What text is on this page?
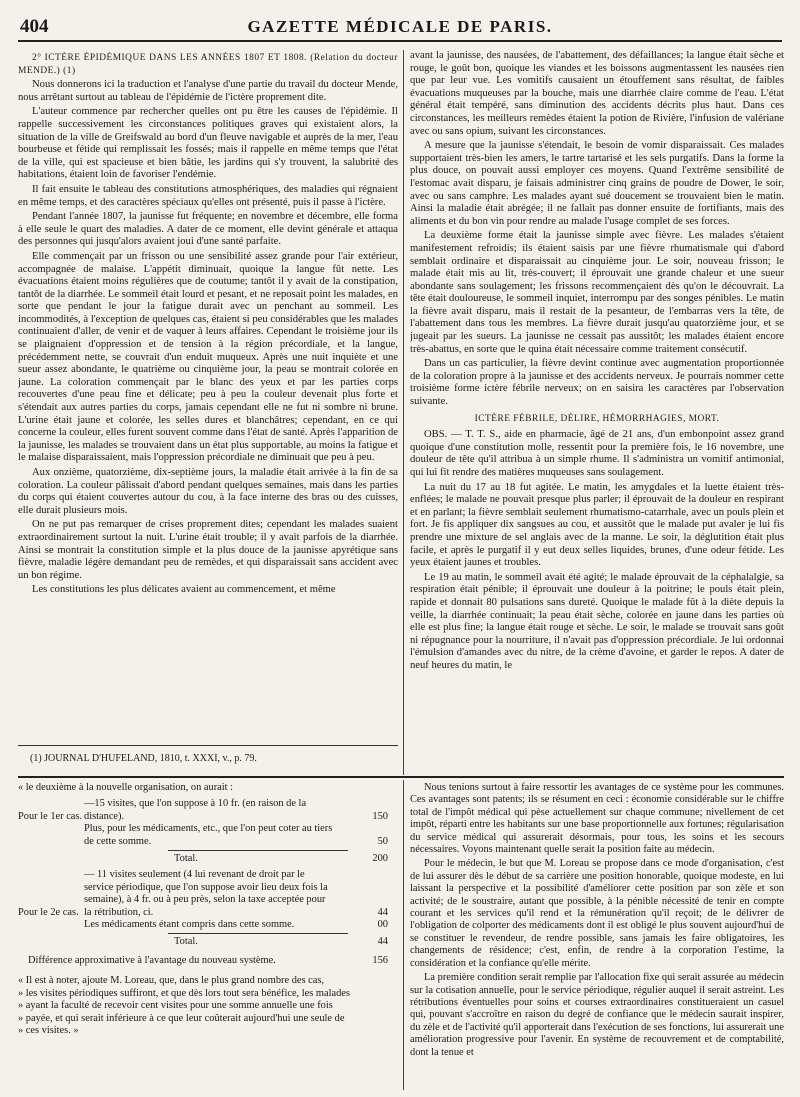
404	GAZETTE MÉDICALE DE PARIS.

2° ICTÈRE ÉPIDÉMIQUE DANS LES ANNÉES 1807 ET 1808. (Relation du docteur MENDE.) (1)

Nous donnerons ici la traduction et l'analyse d'une partie du travail du docteur Mende, nous arrêtant surtout au tableau de l'épidémie de l'ictère proprement dite.

L'auteur commence par rechercher quelles ont pu être les causes de l'épidémie. Il rappelle successivement les circonstances politiques graves qui existaient alors, la situation de la ville de Greifswald au bord d'un fleuve navigable et auprès de la mer, l'eau bourbeuse et fétide qui remplissait les fossés; mais il rappelle en même temps que l'état de la ville, qui est spacieuse et bien bâtie, les jardins qui s'y trouvent, la salubrité des habitations, étaient loin de favoriser l'endémie.

Il fait ensuite le tableau des constitutions atmosphériques, des maladies qui régnaient en même temps, et des caractères spéciaux qu'elles ont présenté, puis il passe à l'ictère.

Pendant l'année 1807, la jaunisse fut fréquente; en novembre et décembre, elle forma à elle seule le quart des maladies. A dater de ce moment, elle devint générale et attaqua des personnes qui jusqu'alors avaient joui d'une santé parfaite.

Elle commençait par un frisson ou une sensibilité assez grande pour l'air extérieur, accompagnée de malaise. L'appétit diminuait, quoique la langue fût nette. Les évacuations étaient moins régulières que de coutume; tantôt il y avait de la constipation, tantôt de la diarrhée. Le sommeil était lourd et pesant, et ne reposait point les malades, en sorte que pendant le jour la fatigue durait avec un penchant au sommeil. Les incommodités, à l'exception de quelques cas, étaient si peu considérables que les malades continuaient d'aller, de venir et de vaquer à leurs affaires. Cependant le troisième jour ils se plaignaient d'oppression et de tension à la région précordiale, et la langue, précédemment nette, se couvrait d'un enduit muqueux. Après une nuit inquiète et une sueur assez abondante, le quatrième ou cinquième jour, la peau se montrait colorée en jaune. La coloration commençait par le blanc des yeux et par les parties corps recouvertes d'une peau fine et délicate; peu à peu la couleur devenait plus forte et s'étendait aux autres parties du corps, jamais cependant elle ne fut ni sombre ni brune. L'urine était jaune et colorée, les selles dures et blanchâtres; cependant, en ce qui concerne la couleur, elles furent souvent comme dans l'état de santé. Après l'apparition de la jaunisse, les malades se trouvaient dans un état plus supportable, au moins la fatigue et le malaise disparaissaient, mais l'oppression précordiale ne diminuait que peu à peu.

Aux onzième, quatorzième, dix-septième jours, la maladie était arrivée à la fin de sa coloration. La couleur pâlissait d'abord pendant quelques semaines, mais dans les parties du corps qui étaient couvertes autour du cou, à la face interne des bras ou des cuisses, elle durait plusieurs mois.

On ne put pas remarquer de crises proprement dites; cependant les malades suaient extraordinairement surtout la nuit. L'urine était trouble; il y avait parfois de la diarrhée. Ainsi se montrait la constitution simple et la plus douce de la jaunisse apyrétique sans fièvre, maladie légère demandant peu de remèdes, et qui disparaissait sans accident avec un bon régime.

Les constitutions les plus délicates avaient au commencement, et même

(1) JOURNAL D'HUFELAND, 1810, t. XXXI, v., p. 79.

avant la jaunisse, des nausées, de l'abattement, des défaillances; la langue était sèche et rouge, le goût bon, quoique les viandes et les boissons augmentassent les nausées rien que par leur vue. Les vomitifs causaient un étouffement sans résultat, de faibles évacuations muqueuses par la bouche, mais une diarrhée claire comme de l'eau. L'état général était tempéré, sans diminution des accidents décrits plus haut. Dans ces circonstances, les meilleurs remèdes étaient la potion de Rivière, l'infusion de valériane avec ou sans opium, suivant les circonstances.

A mesure que la jaunisse s'étendait, le besoin de vomir disparaissait. Ces malades supportaient très-bien les amers, le tartre tartarisé et les sels purgatifs. Dans la forme la plus douce, on pouvait aussi employer ces moyens. Quand l'extrême sensibilité de l'estomac avait disparu, je faisais administrer cinq grains de poudre de Dower, le soir, avec ou sans camphre. Les malades ayant sué doucement se trouvaient bien le matin. Ainsi la maladie était abrégée; il ne fallait pas donner ensuite de fortifiants, mais des aliments et du bon vin pour rendre au malade l'usage complet de ses forces.

La deuxième forme était la jaunisse simple avec fièvre. Les malades s'étaient manifestement refroidis; ils étaient saisis par une fièvre rhumatismale qui d'abord semblait ordinaire et disparaissait au cinquième jour. Le soir, nouveau frisson; le malade était mis au lit, très-couvert; il éprouvait une grande chaleur et une sueur abondante sans soulagement; les frissons recommençaient dès qu'on le découvrait. La tête était douloureuse, le sommeil inquiet, interrompu par des songes pénibles. Le matin la fièvre avait disparu, mais il restait de la pesanteur, de l'embarras vers la tête, de l'abattement dans tous les membres. La fièvre durait jusqu'au quatorzième jour, et se jugeait par les sueurs. La jaunisse ne cessait pas aussitôt; les malades étaient encore très-abattus, en sorte que le quina était nécessaire comme traitement consécutif.

Dans un cas particulier, la fièvre devint continue avec augmentation proportionnée de la coloration propre à la jaunisse et des accidents nerveux. Je pourrais nommer cette troisième forme ictère fébrile nerveux; on en saisira les caractères par l'observation suivante.

ICTÈRE FÉBRILE, DÉLIRE, HÉMORRHAGIES, MORT.

OBS. — T. T. S., aide en pharmacie, âgé de 21 ans, d'un embonpoint assez grand quoique d'une constitution molle, ressentit pour la première fois, le 16 novembre, une douleur de tête qu'il attribua à un simple rhume. Il s'administra un vomitif antimonial, qui lui fit rendre des matières muqueuses sans soulagement.

La nuit du 17 au 18 fut agitée. Le matin, les amygdales et la luette étaient très-enflées; le malade ne pouvait presque plus parler; il éprouvait de la douleur en respirant et en parlant; la fièvre semblait seulement rhumatismo-catarrhale, avec un pouls plein et fort. Je fis appliquer dix sangsues au cou, et aussitôt que le malade put avaler je lui fis prendre une mixture de sel anglais avec de la manne. Le soir, la déglutition était plus facile, et après le purgatif il y eut deux selles liquides, brunes, d'une odeur fétide. Les yeux étaient jaunes et troubles.

Le 19 au matin, le sommeil avait été agité; le malade éprouvait de la céphalalgie, sa respiration était pénible; il éprouvait une douleur à la poitrine; le pouls était plein, rapide et donnait 80 pulsations sans dureté. Quoique le malade fût à la diète depuis la veille, la diarrhée continuait; la peau était sèche, colorée en jaune dans les parties où elle est plus fine; la langue était rouge et sèche. Le soir, le malade se trouvait sans goût ni répugnance pour la nourriture, il n'avait pas d'oppression précordiale. Je lui ordonnai l'émulsion d'amandes avec du nitre, de la crème d'avoine, et garder le repos. A dater de neuf heures du matin, le

« le deuxième à la nouvelle organisation, on aurait :
Pour le 1er cas.
—15 visites, que l'on suppose à 10 fr. (en raison de la distance).	150
Plus, pour les médicaments, etc., que l'on peut coter au tiers de cette somme.	50
Total.	200
Pour le 2e cas.
— 11 visites seulement (4 lui revenant de droit par le service périodique, que l'on suppose avoir lieu deux fois la semaine), à 4 fr. ou à peu près, selon la taxe acceptée pour la rétribution, ci.	44
Les médicaments étant compris dans cette somme.	00
Total.	44
Différence approximative à l'avantage du nouveau système.	156

« Il est à noter, ajoute M. Loreau, que, dans le plus grand nombre des cas,

» les visites périodiques suffiront, et que dès lors tout sera bénéfice, les malades

» ayant la faculté de recevoir cent visites pour une somme annuelle une fois

» payée, et qui serait inférieure à ce que leur coûterait aujourd'hui une seule de

» ces visites. »

Nous tenions surtout à faire ressortir les avantages de ce système pour les communes. Ces avantages sont patents; ils se résument en ceci : économie considérable sur le chiffre total de l'impôt médical qui pèse actuellement sur chaque commune; nivellement de cet impôt, réparti entre les habitants sur une base proportionnelle aux fortunes; régularisation du service médical qui assurerait désormais, pour tous, les soins et les secours nécessaires. Voyons maintenant quelle serait la position faite au médecin.

Pour le médecin, le but que M. Loreau se propose dans ce mode d'organisation, c'est de lui assurer dès le début de sa carrière une position honorable, quoique modeste, en lui laissant la perspective et la possibilité d'améliorer cette position par son zèle et son activité; de le soustraire, autant que possible, à la pénible nécessité de tenir en compte courant et les services qu'il rend et la rémunération qu'il reçoit; de le délivrer de l'obligation de colporter des médicaments dont il est obligé le plus souvent aujourd'hui de se constituer le revendeur, de rendre possible, sans jamais les faire obligatoires, les changements de résidence; c'est, enfin, de rendre à la corporation l'estime, la considération et la confiance qu'elle mérite.

La première condition serait remplie par l'allocation fixe qui serait assurée au médecin sur la cotisation annuelle, pour le service périodique, régulier auquel il serait astreint. Les rétributions éventuelles pour soins et courses extraordinaires constitueraient un casuel qui, pouvant s'accroître en raison du degré de confiance que le médecin saurait inspirer, du zèle et de l'activité qu'il apporterait dans l'exécution de ses fonctions, lui assurerait une amélioration progressive pour l'avenir. En système de recouvrement et de comptabilité, dont la tenue et
